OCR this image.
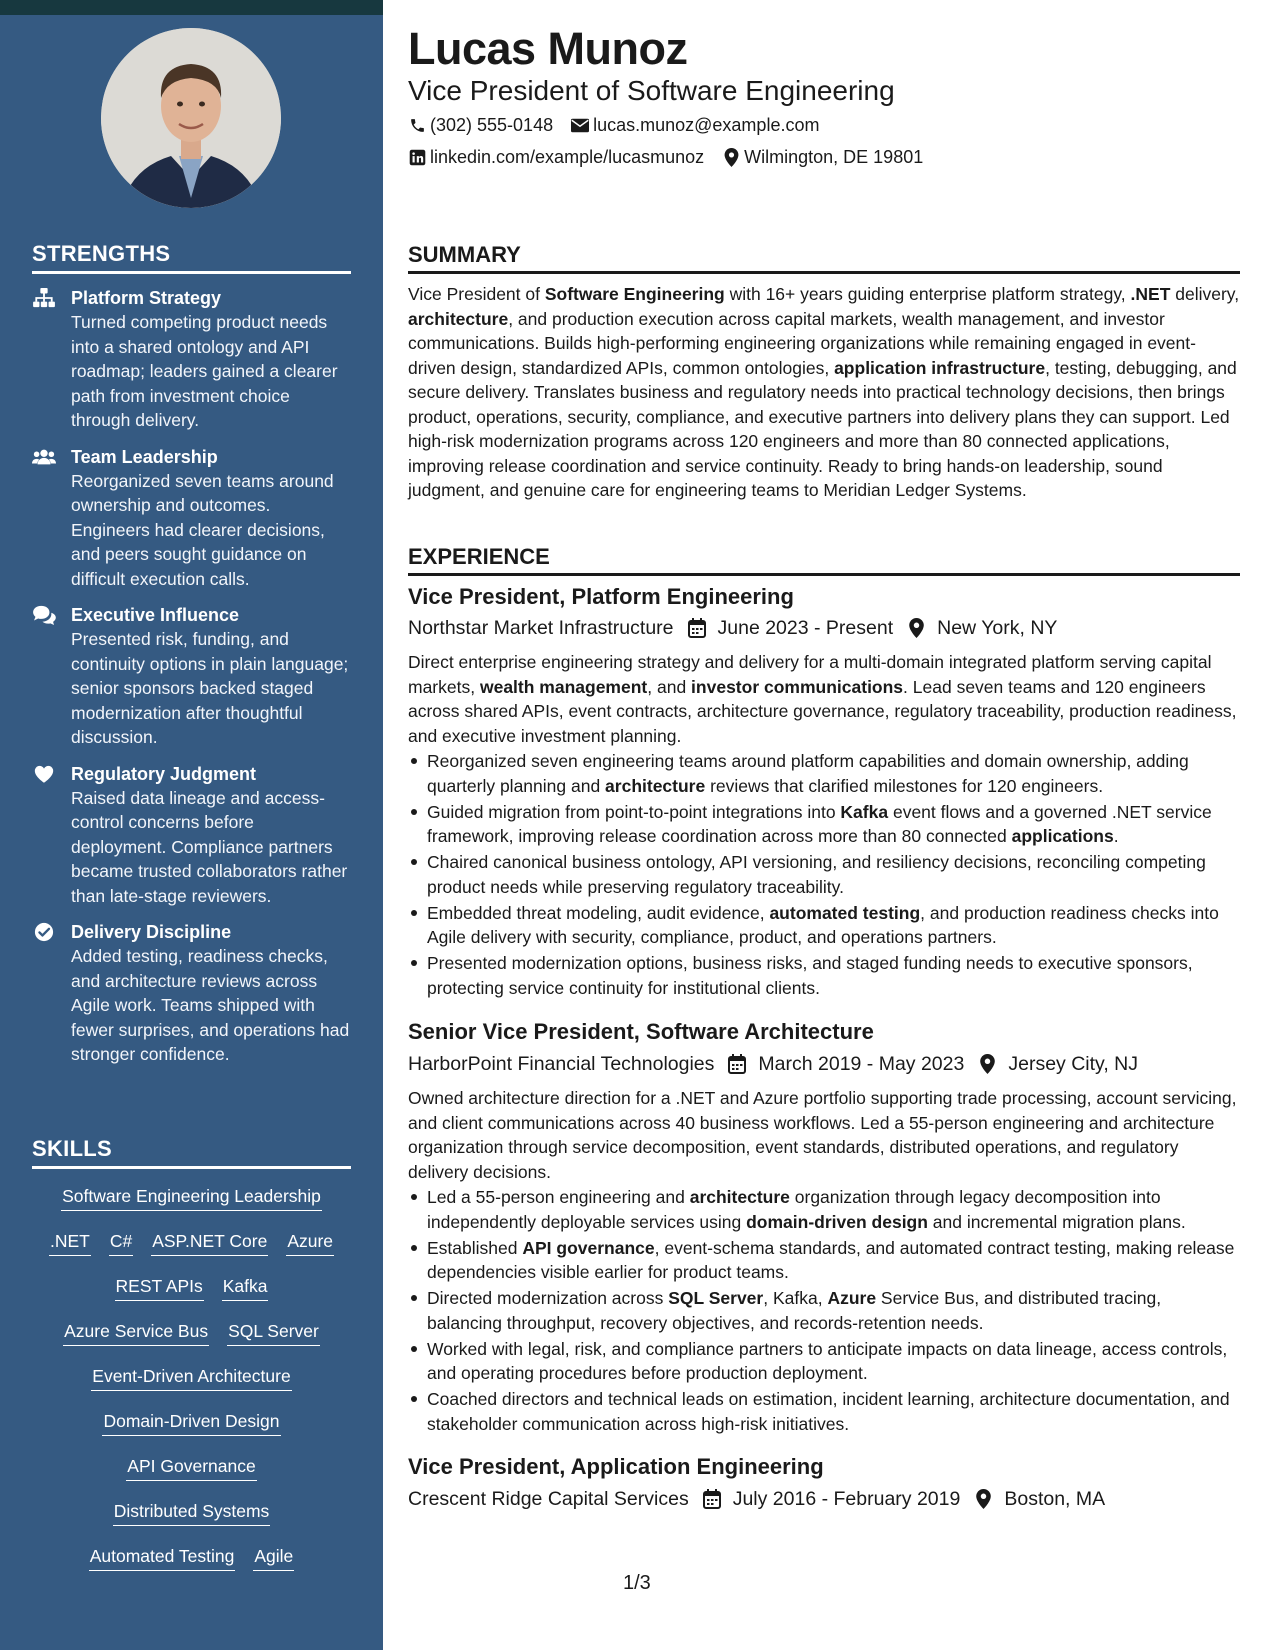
STRENGTHS
Platform Strategy
Turned competing product needs into a shared ontology and API roadmap; leaders gained a clearer path from investment choice through delivery.
Team Leadership
Reorganized seven teams around ownership and outcomes. Engineers had clearer decisions, and peers sought guidance on difficult execution calls.
Executive Influence
Presented risk, funding, and continuity options in plain language; senior sponsors backed staged modernization after thoughtful discussion.
Regulatory Judgment
Raised data lineage and access-control concerns before deployment. Compliance partners became trusted collaborators rather than late-stage reviewers.
Delivery Discipline
Added testing, readiness checks, and architecture reviews across Agile work. Teams shipped with fewer surprises, and operations had stronger confidence.
SKILLS
Software Engineering Leadership
.NET C# ASP.NET Core Azure
REST APIs Kafka
Azure Service Bus SQL Server
Event-Driven Architecture
Domain-Driven Design
API Governance
Distributed Systems
Automated Testing Agile
Lucas Munoz
Vice President of Software Engineering
(302) 555-0148 lucas.munoz@example.com
linkedin.com/example/lucasmunoz Wilmington, DE 19801
SUMMARY

Vice President of Software Engineering with 16+ years guiding enterprise platform strategy, .NET delivery, architecture, and production execution across capital markets, wealth management, and investor communications. Builds high-performing engineering organizations while remaining engaged in event-driven design, standardized APIs, common ontologies, application infrastructure, testing, debugging, and secure delivery. Translates business and regulatory needs into practical technology decisions, then brings product, operations, security, compliance, and executive partners into delivery plans they can support. Led high-risk modernization programs across 120 engineers and more than 80 connected applications, improving release coordination and service continuity. Ready to bring hands-on leadership, sound judgment, and genuine care for engineering teams to Meridian Ledger Systems.

EXPERIENCE
Vice President, Platform Engineering
Northstar Market Infrastructure June 2023 - Present New York, NY

Direct enterprise engineering strategy and delivery for a multi-domain integrated platform serving capital markets, wealth management, and investor communications. Lead seven teams and 120 engineers across shared APIs, event contracts, architecture governance, regulatory traceability, production readiness, and executive investment planning.

Reorganized seven engineering teams around platform capabilities and domain ownership, adding quarterly planning and architecture reviews that clarified milestones for 120 engineers.
Guided migration from point-to-point integrations into Kafka event flows and a governed .NET service framework, improving release coordination across more than 80 connected applications.
Chaired canonical business ontology, API versioning, and resiliency decisions, reconciling competing product needs while preserving regulatory traceability.
Embedded threat modeling, audit evidence, automated testing, and production readiness checks into Agile delivery with security, compliance, product, and operations partners.
Presented modernization options, business risks, and staged funding needs to executive sponsors, protecting service continuity for institutional clients.
Senior Vice President, Software Architecture
HarborPoint Financial Technologies March 2019 - May 2023 Jersey City, NJ

Owned architecture direction for a .NET and Azure portfolio supporting trade processing, account servicing, and client communications across 40 business workflows. Led a 55-person engineering and architecture organization through service decomposition, event standards, distributed operations, and regulatory delivery decisions.

Led a 55-person engineering and architecture organization through legacy decomposition into independently deployable services using domain-driven design and incremental migration plans.
Established API governance, event-schema standards, and automated contract testing, making release dependencies visible earlier for product teams.
Directed modernization across SQL Server, Kafka, Azure Service Bus, and distributed tracing, balancing throughput, recovery objectives, and records-retention needs.
Worked with legal, risk, and compliance partners to anticipate impacts on data lineage, access controls, and operating procedures before production deployment.
Coached directors and technical leads on estimation, incident learning, architecture documentation, and stakeholder communication across high-risk initiatives.
Vice President, Application Engineering
Crescent Ridge Capital Services July 2016 - February 2019 Boston, MA
1/3
